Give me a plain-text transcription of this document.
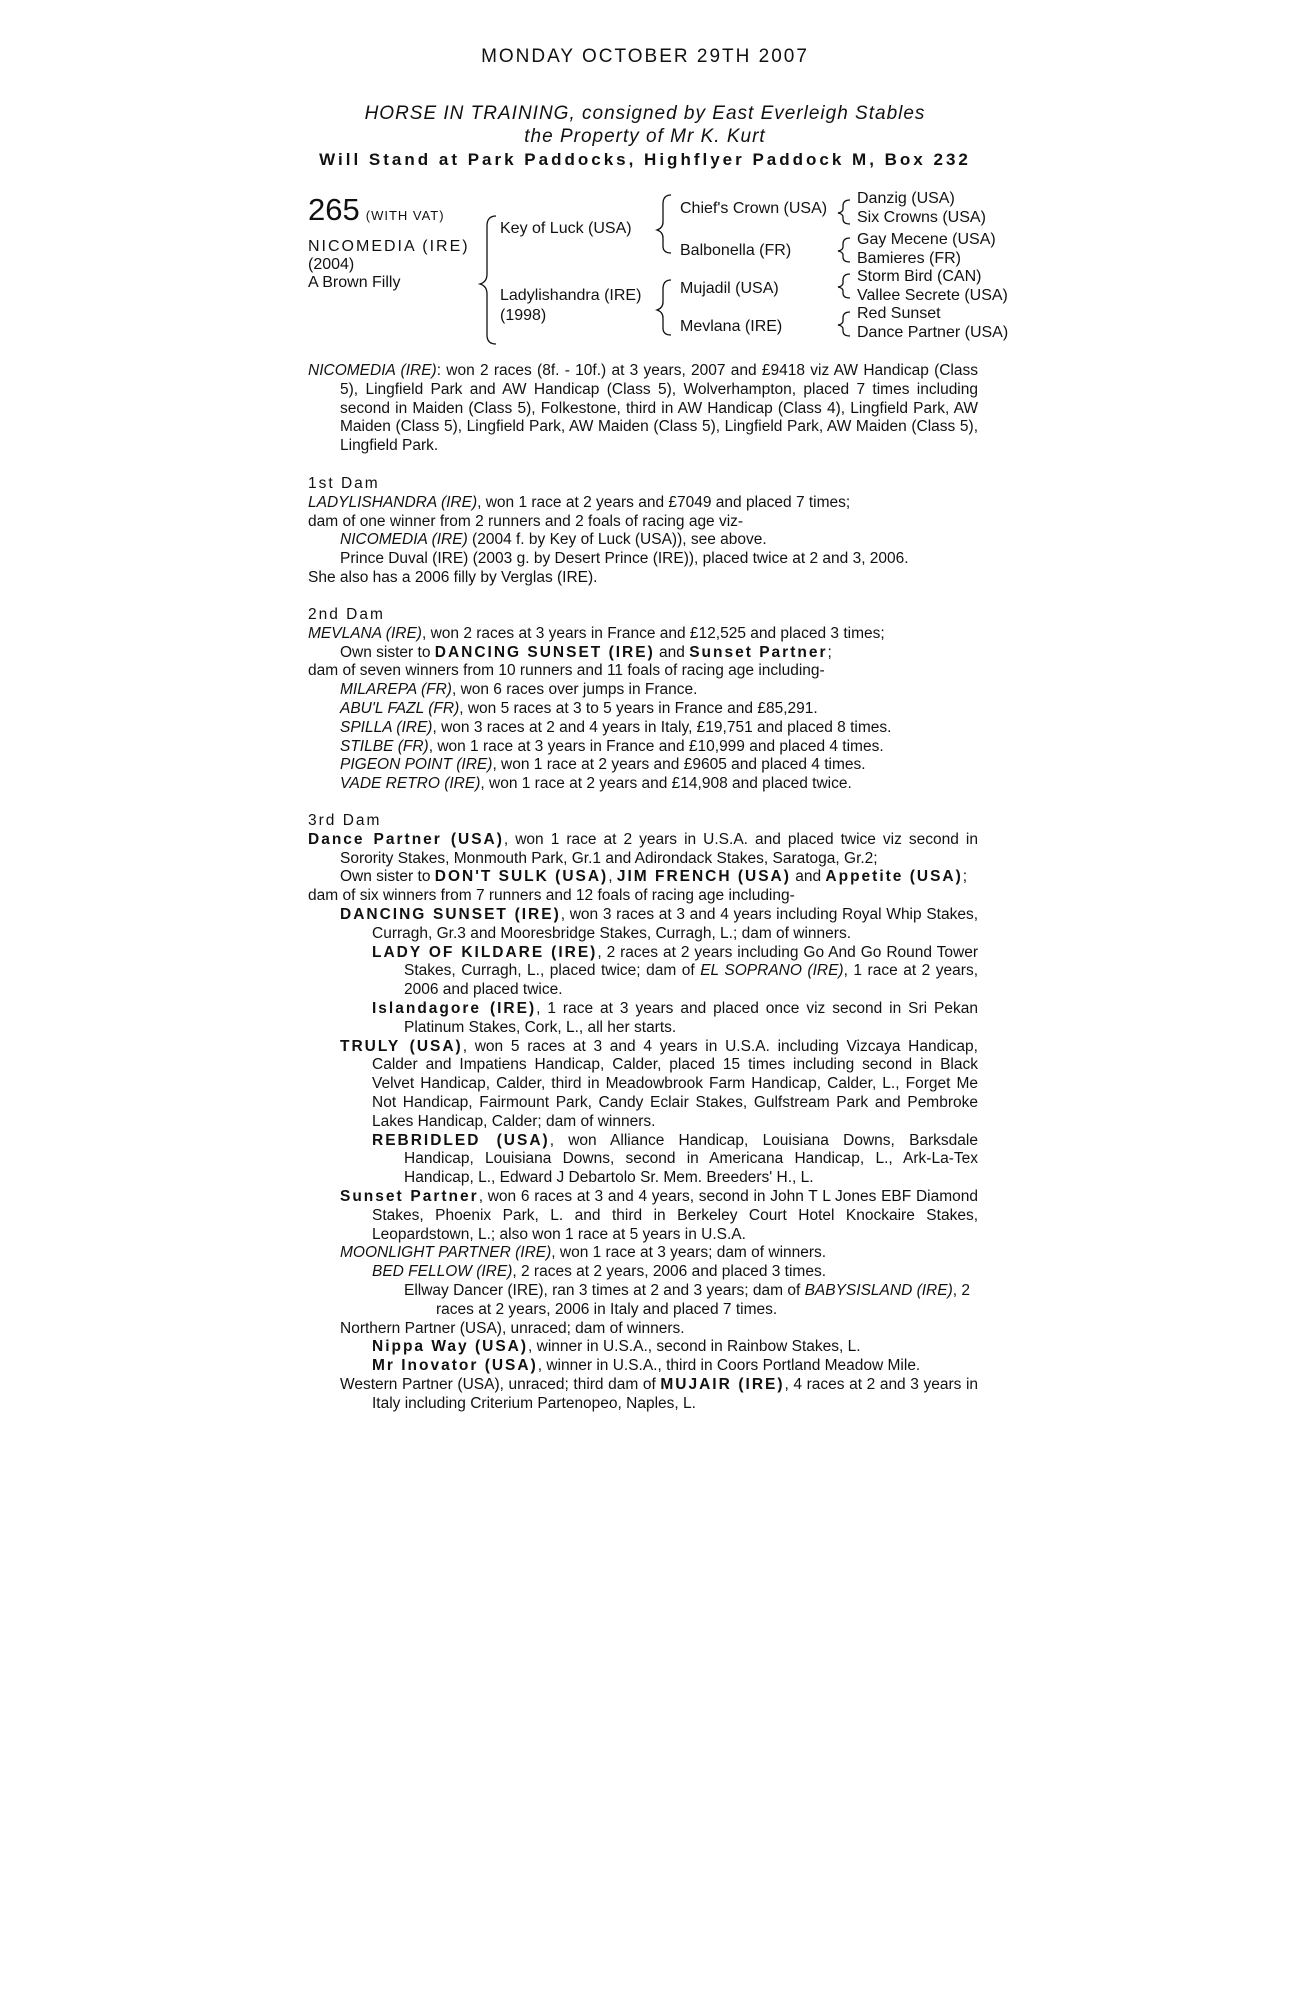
MONDAY OCTOBER 29TH 2007
HORSE IN TRAINING, consigned by East Everleigh Stables
the Property of Mr K. Kurt
Will Stand at Park Paddocks, Highflyer Paddock M, Box 232
265 (WITH VAT)
NICOMEDIA (IRE)
(2004)
A Brown Filly
Key of Luck (USA)
Ladylishandra (IRE)
(1998)
Chief's Crown (USA)
Balbonella (FR)
Mujadil (USA)
Mevlana (IRE)
Danzig (USA)
Six Crowns (USA)
Gay Mecene (USA)
Bamieres (FR)
Storm Bird (CAN)
Vallee Secrete (USA)
Red Sunset
Dance Partner (USA)

NICOMEDIA (IRE): won 2 races (8f. - 10f.) at 3 years, 2007 and £9418 viz AW Handicap (Class 5), Lingfield Park and AW Handicap (Class 5), Wolverhampton, placed 7 times including second in Maiden (Class 5), Folkestone, third in AW Handicap (Class 4), Lingfield Park, AW Maiden (Class 5), Lingfield Park, AW Maiden (Class 5), Lingfield Park, AW Maiden (Class 5), Lingfield Park.

1st Dam

LADYLISHANDRA (IRE), won 1 race at 2 years and £7049 and placed 7 times;

dam of one winner from 2 runners and 2 foals of racing age viz-

NICOMEDIA (IRE) (2004 f. by Key of Luck (USA)), see above.

Prince Duval (IRE) (2003 g. by Desert Prince (IRE)), placed twice at 2 and 3, 2006.

She also has a 2006 filly by Verglas (IRE).

2nd Dam

MEVLANA (IRE), won 2 races at 3 years in France and £12,525 and placed 3 times;

Own sister to DANCING SUNSET (IRE) and Sunset Partner;

dam of seven winners from 10 runners and 11 foals of racing age including-

MILAREPA (FR), won 6 races over jumps in France.

ABU'L FAZL (FR), won 5 races at 3 to 5 years in France and £85,291.

SPILLA (IRE), won 3 races at 2 and 4 years in Italy, £19,751 and placed 8 times.

STILBE (FR), won 1 race at 3 years in France and £10,999 and placed 4 times.

PIGEON POINT (IRE), won 1 race at 2 years and £9605 and placed 4 times.

VADE RETRO (IRE), won 1 race at 2 years and £14,908 and placed twice.

3rd Dam

Dance Partner (USA), won 1 race at 2 years in U.S.A. and placed twice viz second in Sorority Stakes, Monmouth Park, Gr.1 and Adirondack Stakes, Saratoga, Gr.2;

Own sister to DON'T SULK (USA), JIM FRENCH (USA) and Appetite (USA);

dam of six winners from 7 runners and 12 foals of racing age including-

DANCING SUNSET (IRE), won 3 races at 3 and 4 years including Royal Whip Stakes, Curragh, Gr.3 and Mooresbridge Stakes, Curragh, L.; dam of winners.

LADY OF KILDARE (IRE), 2 races at 2 years including Go And Go Round Tower Stakes, Curragh, L., placed twice; dam of EL SOPRANO (IRE), 1 race at 2 years, 2006 and placed twice.

Islandagore (IRE), 1 race at 3 years and placed once viz second in Sri Pekan Platinum Stakes, Cork, L., all her starts.

TRULY (USA), won 5 races at 3 and 4 years in U.S.A. including Vizcaya Handicap, Calder and Impatiens Handicap, Calder, placed 15 times including second in Black Velvet Handicap, Calder, third in Meadowbrook Farm Handicap, Calder, L., Forget Me Not Handicap, Fairmount Park, Candy Eclair Stakes, Gulfstream Park and Pembroke Lakes Handicap, Calder; dam of winners.

REBRIDLED (USA), won Alliance Handicap, Louisiana Downs, Barksdale Handicap, Louisiana Downs, second in Americana Handicap, L., Ark-La-Tex Handicap, L., Edward J Debartolo Sr. Mem. Breeders' H., L.

Sunset Partner, won 6 races at 3 and 4 years, second in John T L Jones EBF Diamond Stakes, Phoenix Park, L. and third in Berkeley Court Hotel Knockaire Stakes, Leopardstown, L.; also won 1 race at 5 years in U.S.A.

MOONLIGHT PARTNER (IRE), won 1 race at 3 years; dam of winners.

BED FELLOW (IRE), 2 races at 2 years, 2006 and placed 3 times.

Ellway Dancer (IRE), ran 3 times at 2 and 3 years; dam of BABYSISLAND (IRE), 2 races at 2 years, 2006 in Italy and placed 7 times.

Northern Partner (USA), unraced; dam of winners.

Nippa Way (USA), winner in U.S.A., second in Rainbow Stakes, L.

Mr Inovator (USA), winner in U.S.A., third in Coors Portland Meadow Mile.

Western Partner (USA), unraced; third dam of MUJAIR (IRE), 4 races at 2 and 3 years in Italy including Criterium Partenopeo, Naples, L.
